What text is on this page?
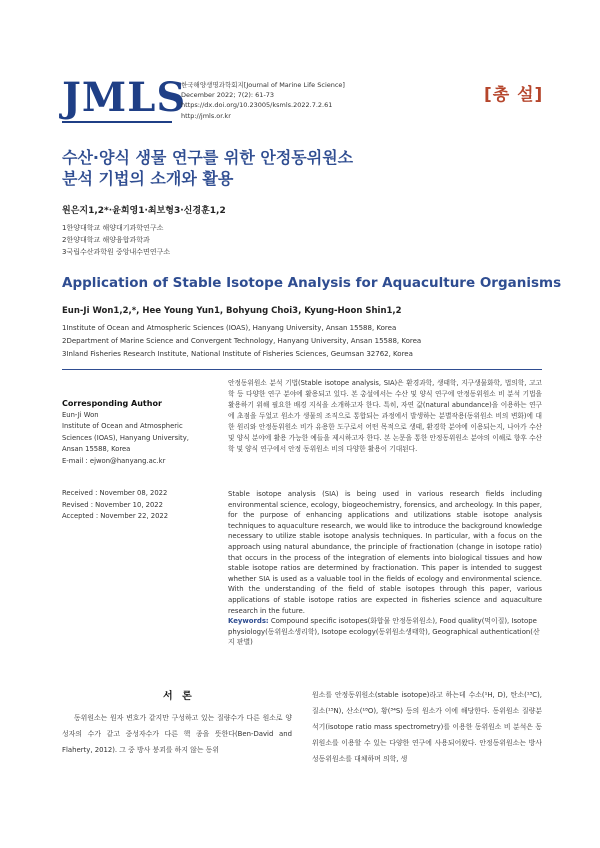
JMLS
한국해양생명과학회지[Journal of Marine Life Science]
December 2022; 7(2): 61-73
https://dx.doi.org/10.23005/ksmls.2022.7.2.61
http://jmls.or.kr
[총 설]
수산·양식 생물 연구를 위한 안정동위원소
분석 기법의 소개와 활용
원은지1,2*·윤희영1·최보형3·신경훈1,2
1한양대학교 해양대기과학연구소
2한양대학교 해양융합과학과
3국립수산과학원 중앙내수면연구소
Application of Stable Isotope Analysis for Aquaculture Organisms
Eun-Ji Won1,2,*, Hee Young Yun1, Bohyung Choi3, Kyung-Hoon Shin1,2
1Institute of Ocean and Atmospheric Sciences (IOAS), Hanyang University, Ansan 15588, Korea
2Department of Marine Science and Convergent Technology, Hanyang University, Ansan 15588, Korea
3Inland Fisheries Research Institute, National Institute of Fisheries Sciences, Geumsan 32762, Korea
Corresponding Author
Eun-Ji Won
Institute of Ocean and Atmospheric
Sciences (IOAS), Hanyang University,
Ansan 15588, Korea
E-mail : ejwon@hanyang.ac.kr
Received : November 08, 2022
Revised : November 10, 2022
Accepted : November 22, 2022
안정동위원소 분석 기법(Stable isotope analysis, SIA)은 환경과학, 생태학, 지구생물화학, 법의학, 고고학 등 다양한 연구 분야에 활용되고 있다. 본 총설에서는 수산 및 양식 연구에 안정동위원소 비 분석 기법을 활용하기 위해 필요한 배경 지식을 소개하고자 한다. 특히, 자연 값(natural abundance)을 이용하는 연구에 초점을 두었고 원소가 생물의 조직으로 통합되는 과정에서 발생하는 분별작용(동위원소 비의 변화)에 대한 원리와 안정동위원소 비가 유용한 도구로서 어떤 목적으로 생태, 환경학 분야에 이용되는지, 나아가 수산 및 양식 분야에 활용 가능한 예들을 제시하고자 한다. 본 논문을 통한 안정동위원소 분야의 이해로 향후 수산학 및 양식 연구에서 안정 동위원소 비의 다양한 활용이 기대된다.
Stable isotope analysis (SIA) is being used in various research fields including environmental science, ecology, biogeochemistry, forensics, and archeology. In this paper, for the purpose of enhancing applications and utilizations stable isotope analysis techniques to aquaculture research, we would like to introduce the background knowledge necessary to utilize stable isotope analysis techniques. In particular, with a focus on the approach using natural abundance, the principle of fractionation (change in isotope ratio) that occurs in the process of the integration of elements into biological tissues and how stable isotope ratios are determined by fractionation. This paper is intended to suggest whether SIA is used as a valuable tool in the fields of ecology and environmental science. With the understanding of the field of stable isotopes through this paper, various applications of stable isotope ratios are expected in fisheries science and aquaculture research in the future.
Keywords: Compound specific isotopes(화합물 안정동위원소), Food quality(먹이질), Isotope physiology(동위원소생리학), Isotope ecology(동위원소생태학), Geographical authentication(산지 판별)
서 론
동위원소는 원자 변호가 같지만 구성하고 있는 질량수가 다른 원소로 양성자의 수가 같고 중성자수가 다른 핵 종을 뜻한다(Ben-David and Flaherty, 2012). 그 중 방사 붕괴를 하지 않는 동위
원소를 안정동위원소(stable isotope)라고 하는데 수소(¹H, D), 탄소(¹³C), 질소(¹⁵N), 산소(¹⁸O), 황(³⁴S) 등의 원소가 이에 해당한다. 동위원소 질량분석기(isotope ratio mass spectrometry)를 이용한 동위원소 비 분석은 동위원소를 이용할 수 있는 다양한 연구에 사용되어왔다. 안정동위원소는 방사성동위원소를 대체하며 의학, 생
